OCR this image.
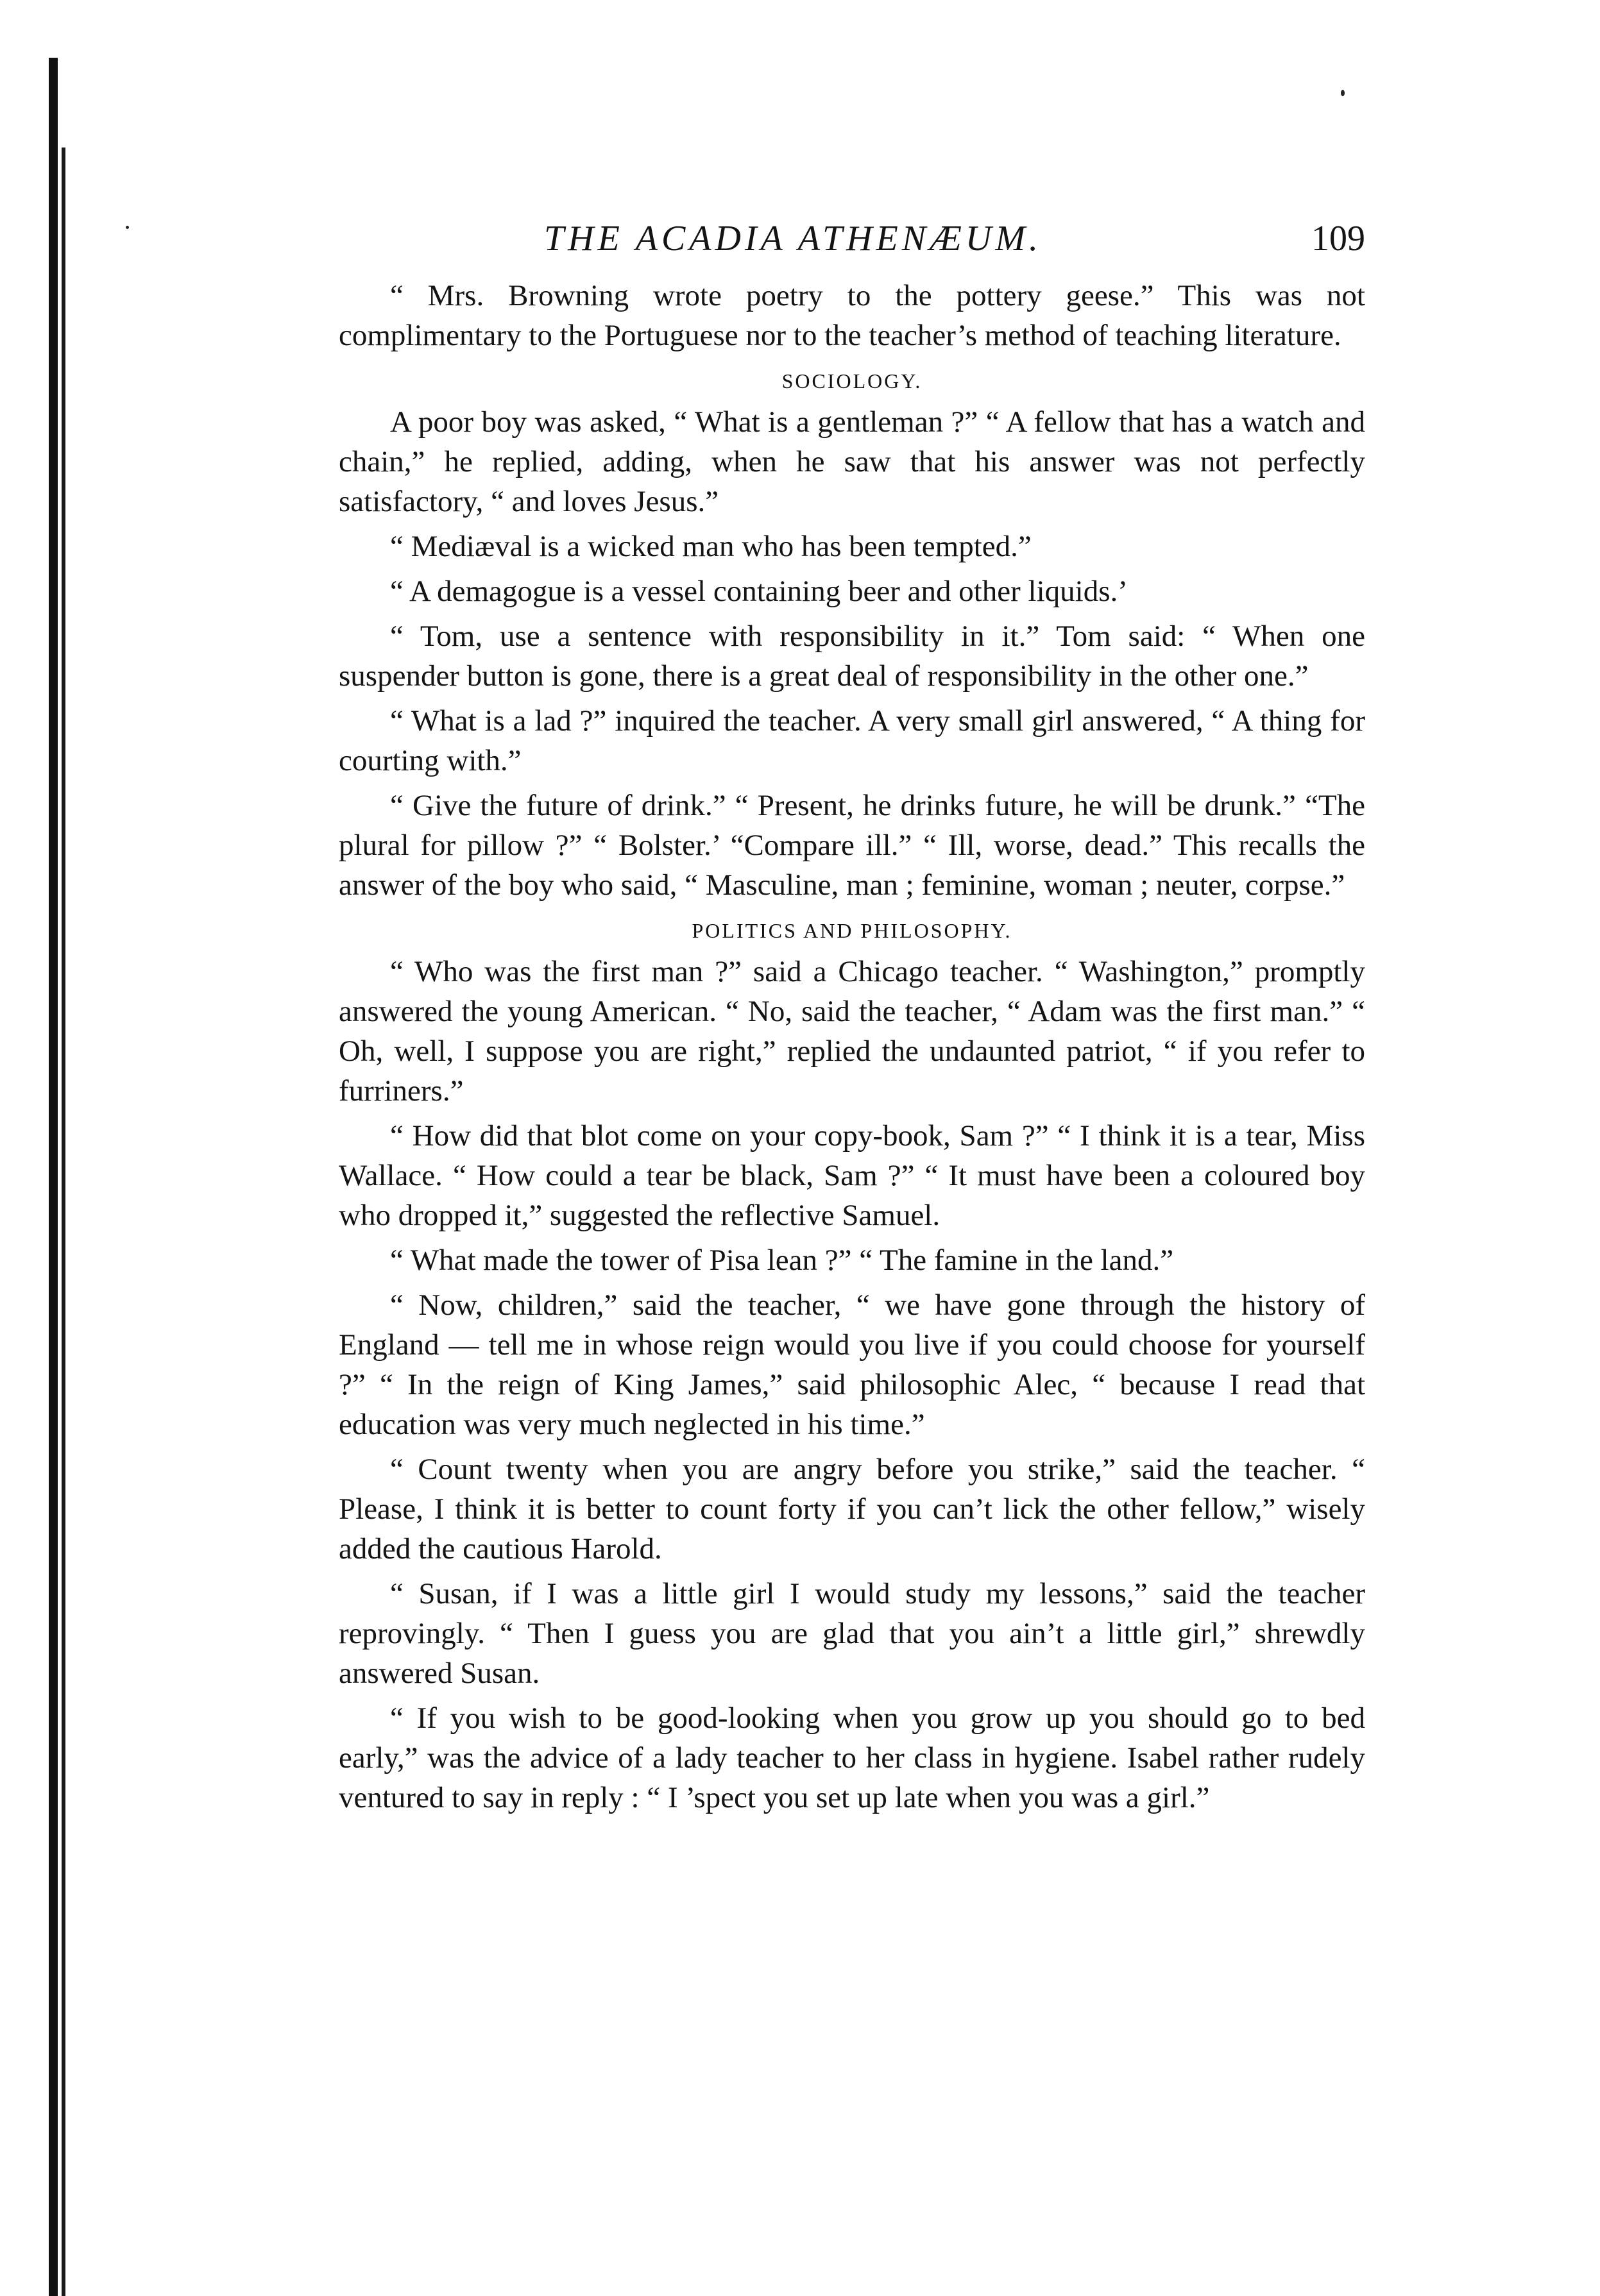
THE ACADIA ATHENÆUM.	109

“ Mrs. Browning wrote poetry to the pottery geese.” This was not complimentary to the Portuguese nor to the teacher’s method of teaching literature.

SOCIOLOGY.

A poor boy was asked, “ What is a gentleman ?” “ A fellow that has a watch and chain,” he replied, adding, when he saw that his answer was not perfectly satisfactory, “ and loves Jesus.”

“ Mediæval is a wicked man who has been tempted.”

“ A demagogue is a vessel containing beer and other liquids.’

“ Tom, use a sentence with responsibility in it.” Tom said: “ When one suspender button is gone, there is a great deal of responsibility in the other one.”

“ What is a lad ?” inquired the teacher. A very small girl answered, “ A thing for courting with.”

“ Give the future of drink.” “ Present, he drinks future, he will be drunk.” “The plural for pillow ?” “ Bolster.’ “Compare ill.” “ Ill, worse, dead.” This recalls the answer of the boy who said, “ Masculine, man ; feminine, woman ; neuter, corpse.”

POLITICS AND PHILOSOPHY.

“ Who was the first man ?” said a Chicago teacher. “ Washington,” promptly answered the young American. “ No, said the teacher, “ Adam was the first man.” “ Oh, well, I suppose you are right,” replied the undaunted patriot, “ if you refer to furriners.”

“ How did that blot come on your copy-book, Sam ?” “ I think it is a tear, Miss Wallace. “ How could a tear be black, Sam ?” “ It must have been a coloured boy who dropped it,” suggested the reflective Samuel.

“ What made the tower of Pisa lean ?” “ The famine in the land.”

“ Now, children,” said the teacher, “ we have gone through the history of England — tell me in whose reign would you live if you could choose for yourself ?” “ In the reign of King James,” said philosophic Alec, “ because I read that education was very much neglected in his time.”

“ Count twenty when you are angry before you strike,” said the teacher. “ Please, I think it is better to count forty if you can’t lick the other fellow,” wisely added the cautious Harold.

“ Susan, if I was a little girl I would study my lessons,” said the teacher reprovingly. “ Then I guess you are glad that you ain’t a little girl,” shrewdly answered Susan.

“ If you wish to be good-looking when you grow up you should go to bed early,” was the advice of a lady teacher to her class in hygiene. Isabel rather rudely ventured to say in reply : “ I ’spect you set up late when you was a girl.”
